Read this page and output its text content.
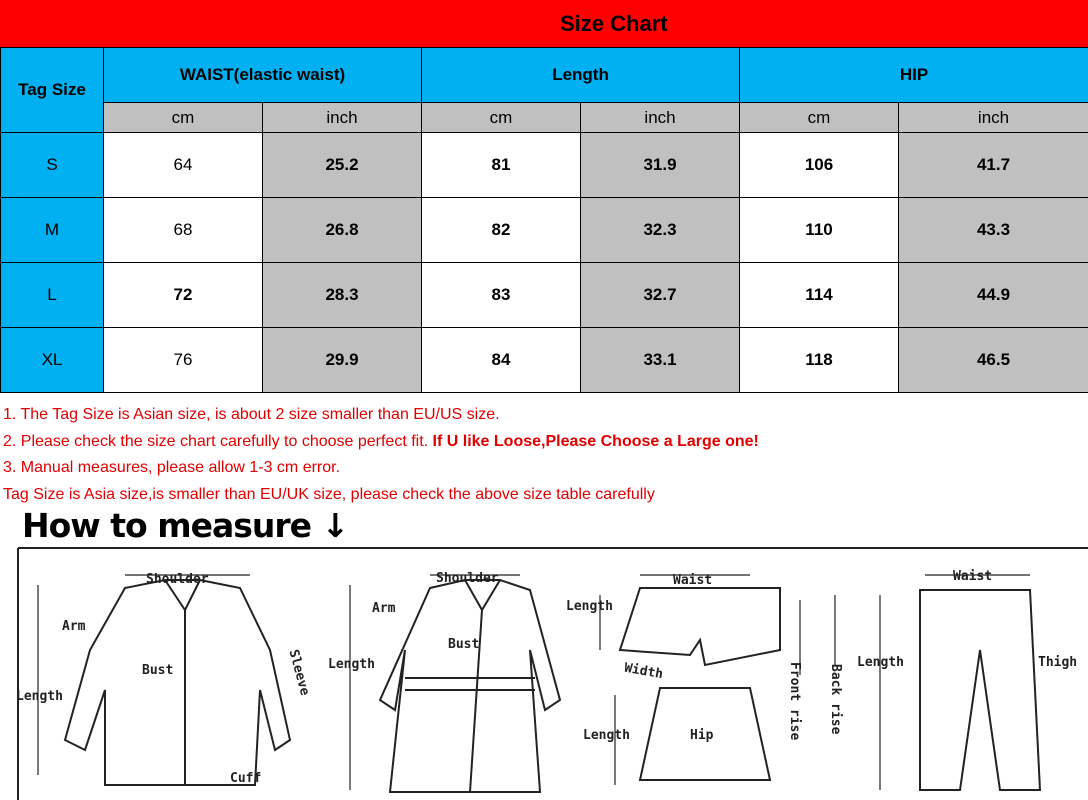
Size Chart
Tag Size	WAIST(elastic waist)		Length		HIP	
	cm	inch	cm	inch	cm	inch
S	64	25.2	81	31.9	106	41.7
M	68	26.8	82	32.3	110	43.3
L	72	28.3	83	32.7	114	44.9
XL	76	29.9	84	33.1	118	46.5
1. The Tag Size is Asian size, is about 2 size smaller than EU/US size.
2. Please check the size chart carefully to choose perfect fit. If U like Loose,Please Choose a Large one!
3. Manual measures, please allow 1-3 cm error.
Tag Size is Asia size,is smaller than EU/UK size, please check the above size table carefully
How to measure ↓
Shoulder
Arm
Bust
Length	Sleeve
Cuff
Shoulder
Arm
Bust
Length
Waist
Length
Width	Front rise Back rise
Length	Hip
Waist
Length	Thigh
